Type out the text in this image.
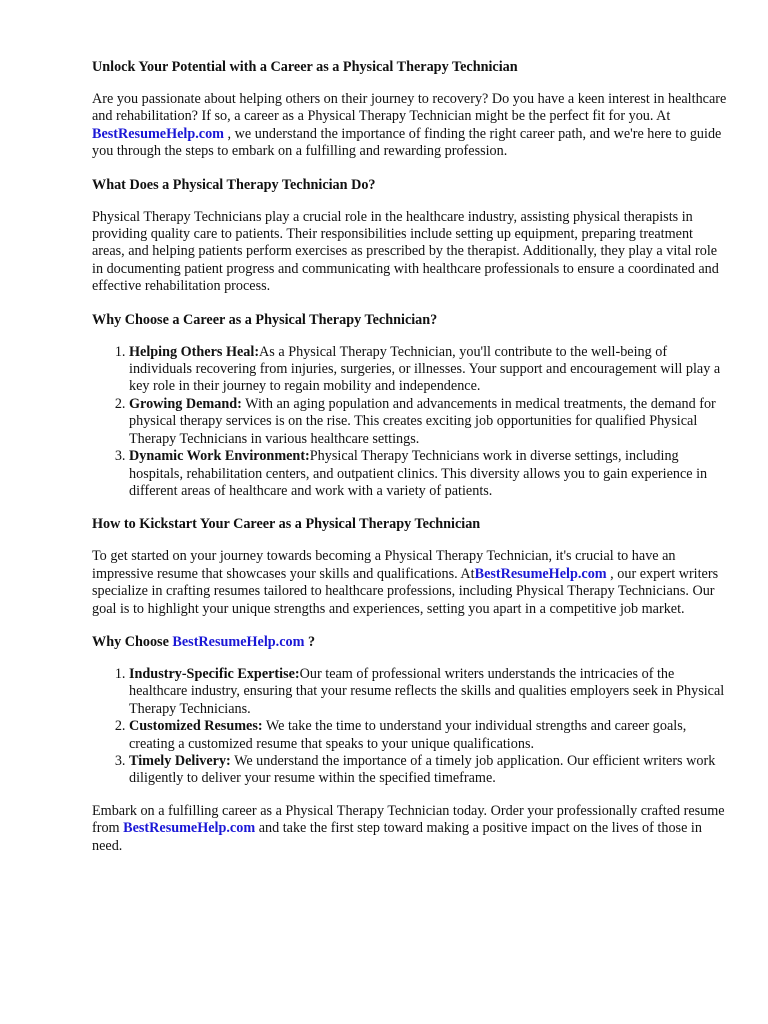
Unlock Your Potential with a Career as a Physical Therapy Technician

Are you passionate about helping others on their journey to recovery? Do you have a keen interest in healthcare and rehabilitation? If so, a career as a Physical Therapy Technician might be the perfect fit for you. At BestResumeHelp.com , we understand the importance of finding the right career path, and we're here to guide you through the steps to embark on a fulfilling and rewarding profession.

What Does a Physical Therapy Technician Do?

Physical Therapy Technicians play a crucial role in the healthcare industry, assisting physical therapists in providing quality care to patients. Their responsibilities include setting up equipment, preparing treatment areas, and helping patients perform exercises as prescribed by the therapist. Additionally, they play a vital role in documenting patient progress and communicating with healthcare professionals to ensure a coordinated and effective rehabilitation process.

Why Choose a Career as a Physical Therapy Technician?
1. Helping Others Heal:As a Physical Therapy Technician, you'll contribute to the well-being of individuals recovering from injuries, surgeries, or illnesses. Your support and encouragement will play a key role in their journey to regain mobility and independence.
2. Growing Demand: With an aging population and advancements in medical treatments, the demand for physical therapy services is on the rise. This creates exciting job opportunities for qualified Physical Therapy Technicians in various healthcare settings.
3. Dynamic Work Environment:Physical Therapy Technicians work in diverse settings, including hospitals, rehabilitation centers, and outpatient clinics. This diversity allows you to gain experience in different areas of healthcare and work with a variety of patients.
How to Kickstart Your Career as a Physical Therapy Technician

To get started on your journey towards becoming a Physical Therapy Technician, it's crucial to have an impressive resume that showcases your skills and qualifications. AtBestResumeHelp.com , our expert writers specialize in crafting resumes tailored to healthcare professions, including Physical Therapy Technicians. Our goal is to highlight your unique strengths and experiences, setting you apart in a competitive job market.

Why Choose BestResumeHelp.com ?
1. Industry-Specific Expertise:Our team of professional writers understands the intricacies of the healthcare industry, ensuring that your resume reflects the skills and qualities employers seek in Physical Therapy Technicians.
2. Customized Resumes: We take the time to understand your individual strengths and career goals, creating a customized resume that speaks to your unique qualifications.
3. Timely Delivery: We understand the importance of a timely job application. Our efficient writers work diligently to deliver your resume within the specified timeframe.

Embark on a fulfilling career as a Physical Therapy Technician today. Order your professionally crafted resume from BestResumeHelp.com and take the first step toward making a positive impact on the lives of those in need.
